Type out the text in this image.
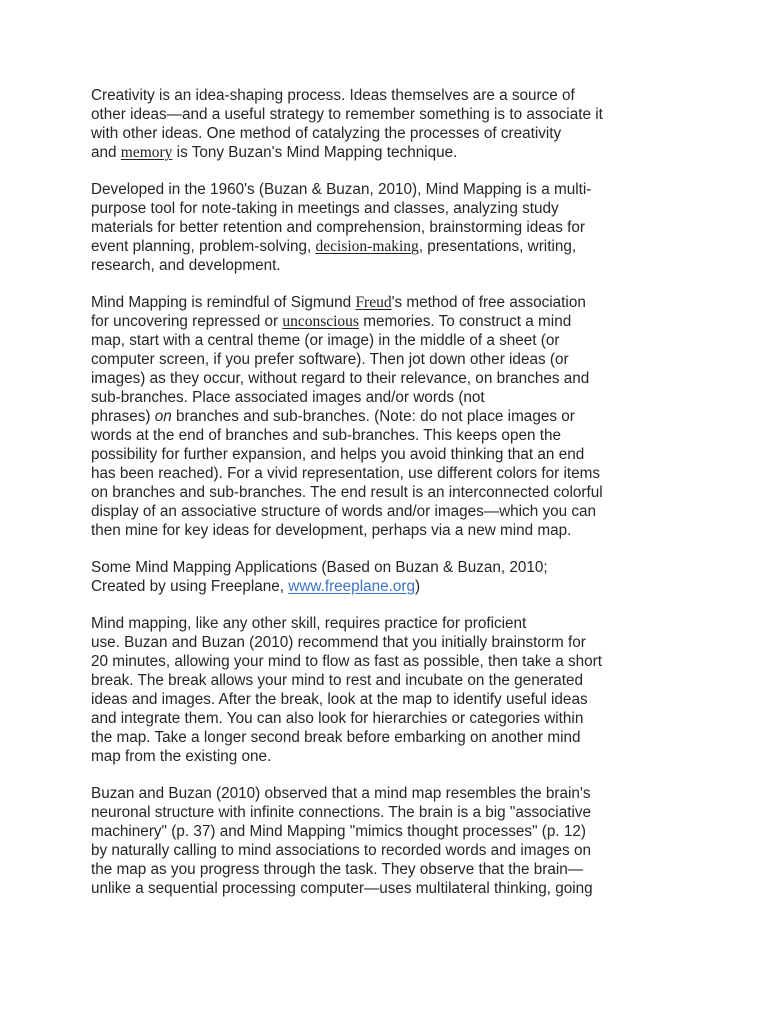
Creativity is an idea-shaping process. Ideas themselves are a source of
other ideas—and a useful strategy to remember something is to associate it
with other ideas. One method of catalyzing the processes of creativity
and memory is Tony Buzan's Mind Mapping technique.

Developed in the 1960's (Buzan & Buzan, 2010), Mind Mapping is a multi-
purpose tool for note-taking in meetings and classes, analyzing study
materials for better retention and comprehension, brainstorming ideas for
event planning, problem-solving, decision-making, presentations, writing,
research, and development.

Mind Mapping is remindful of Sigmund Freud's method of free association
for uncovering repressed or unconscious memories. To construct a mind
map, start with a central theme (or image) in the middle of a sheet (or
computer screen, if you prefer software). Then jot down other ideas (or
images) as they occur, without regard to their relevance, on branches and
sub-branches. Place associated images and/or words (not
phrases) on branches and sub-branches. (Note: do not place images or
words at the end of branches and sub-branches. This keeps open the
possibility for further expansion, and helps you avoid thinking that an end
has been reached). For a vivid representation, use different colors for items
on branches and sub-branches. The end result is an interconnected colorful
display of an associative structure of words and/or images—which you can
then mine for key ideas for development, perhaps via a new mind map.

Some Mind Mapping Applications (Based on Buzan & Buzan, 2010;
Created by using Freeplane, www.freeplane.org)

Mind mapping, like any other skill, requires practice for proficient
use. Buzan and Buzan (2010) recommend that you initially brainstorm for
20 minutes, allowing your mind to flow as fast as possible, then take a short
break. The break allows your mind to rest and incubate on the generated
ideas and images. After the break, look at the map to identify useful ideas
and integrate them. You can also look for hierarchies or categories within
the map. Take a longer second break before embarking on another mind
map from the existing one.

Buzan and Buzan (2010) observed that a mind map resembles the brain's
neuronal structure with infinite connections. The brain is a big "associative
machinery" (p. 37) and Mind Mapping "mimics thought processes" (p. 12)
by naturally calling to mind associations to recorded words and images on
the map as you progress through the task. They observe that the brain—
unlike a sequential processing computer—uses multilateral thinking, going
